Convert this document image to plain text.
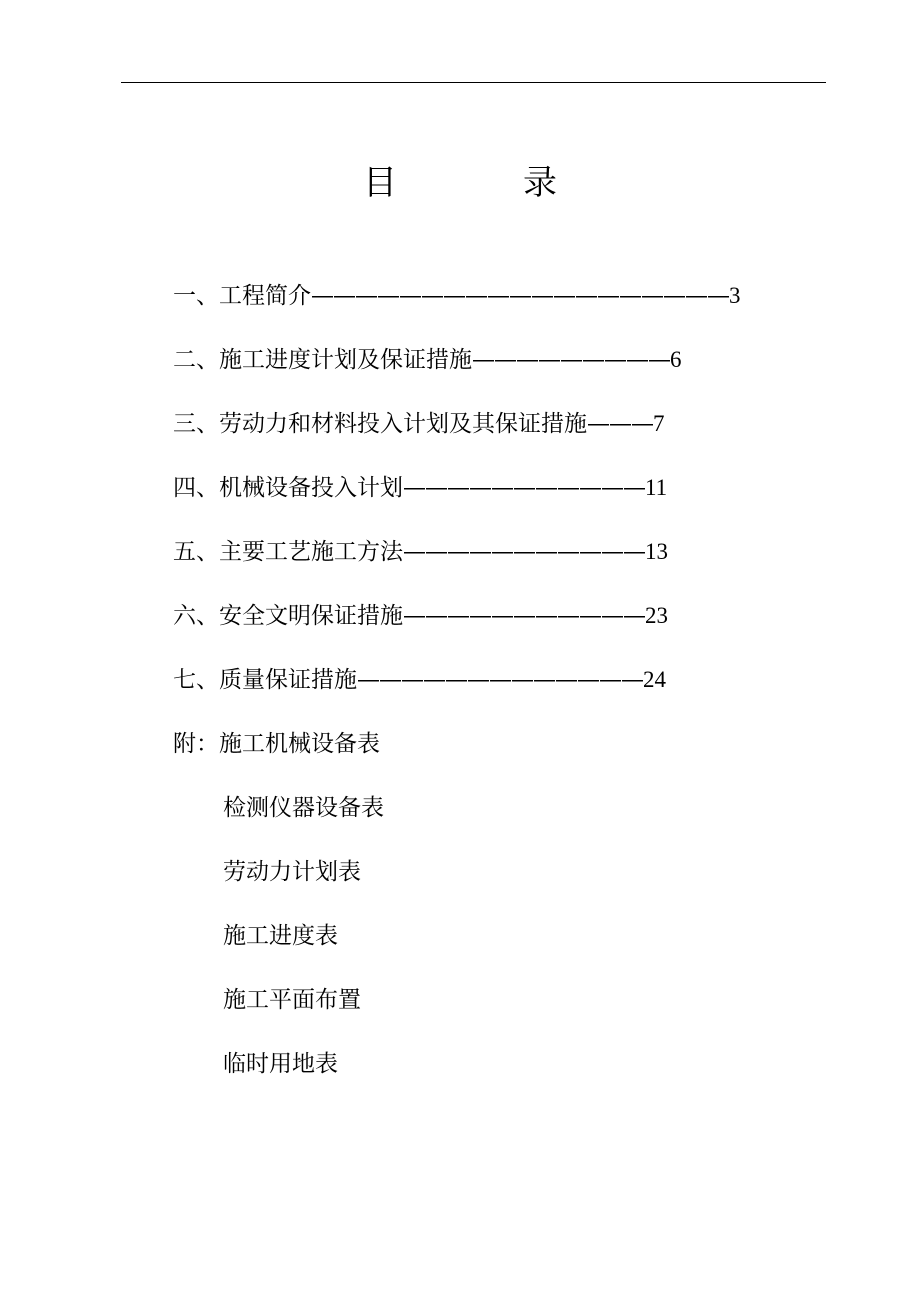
目　录
一、 工程简介 ——————————————————— 3
二、 施工进度计划及保证措施 ————————— 6
三、 劳动力和材料投入计划及其保证措施 ——— 7
四、 机械设备投入计划 ——————————— 11
五、 主要工艺施工方法 ——————————— 13
六、 安全文明保证措施 ——————————— 23
七、 质量保证措施 ————————————— 24
附： 施工机械设备表
检测仪器设备表
劳动力计划表
施工进度表
施工平面布置
临时用地表
